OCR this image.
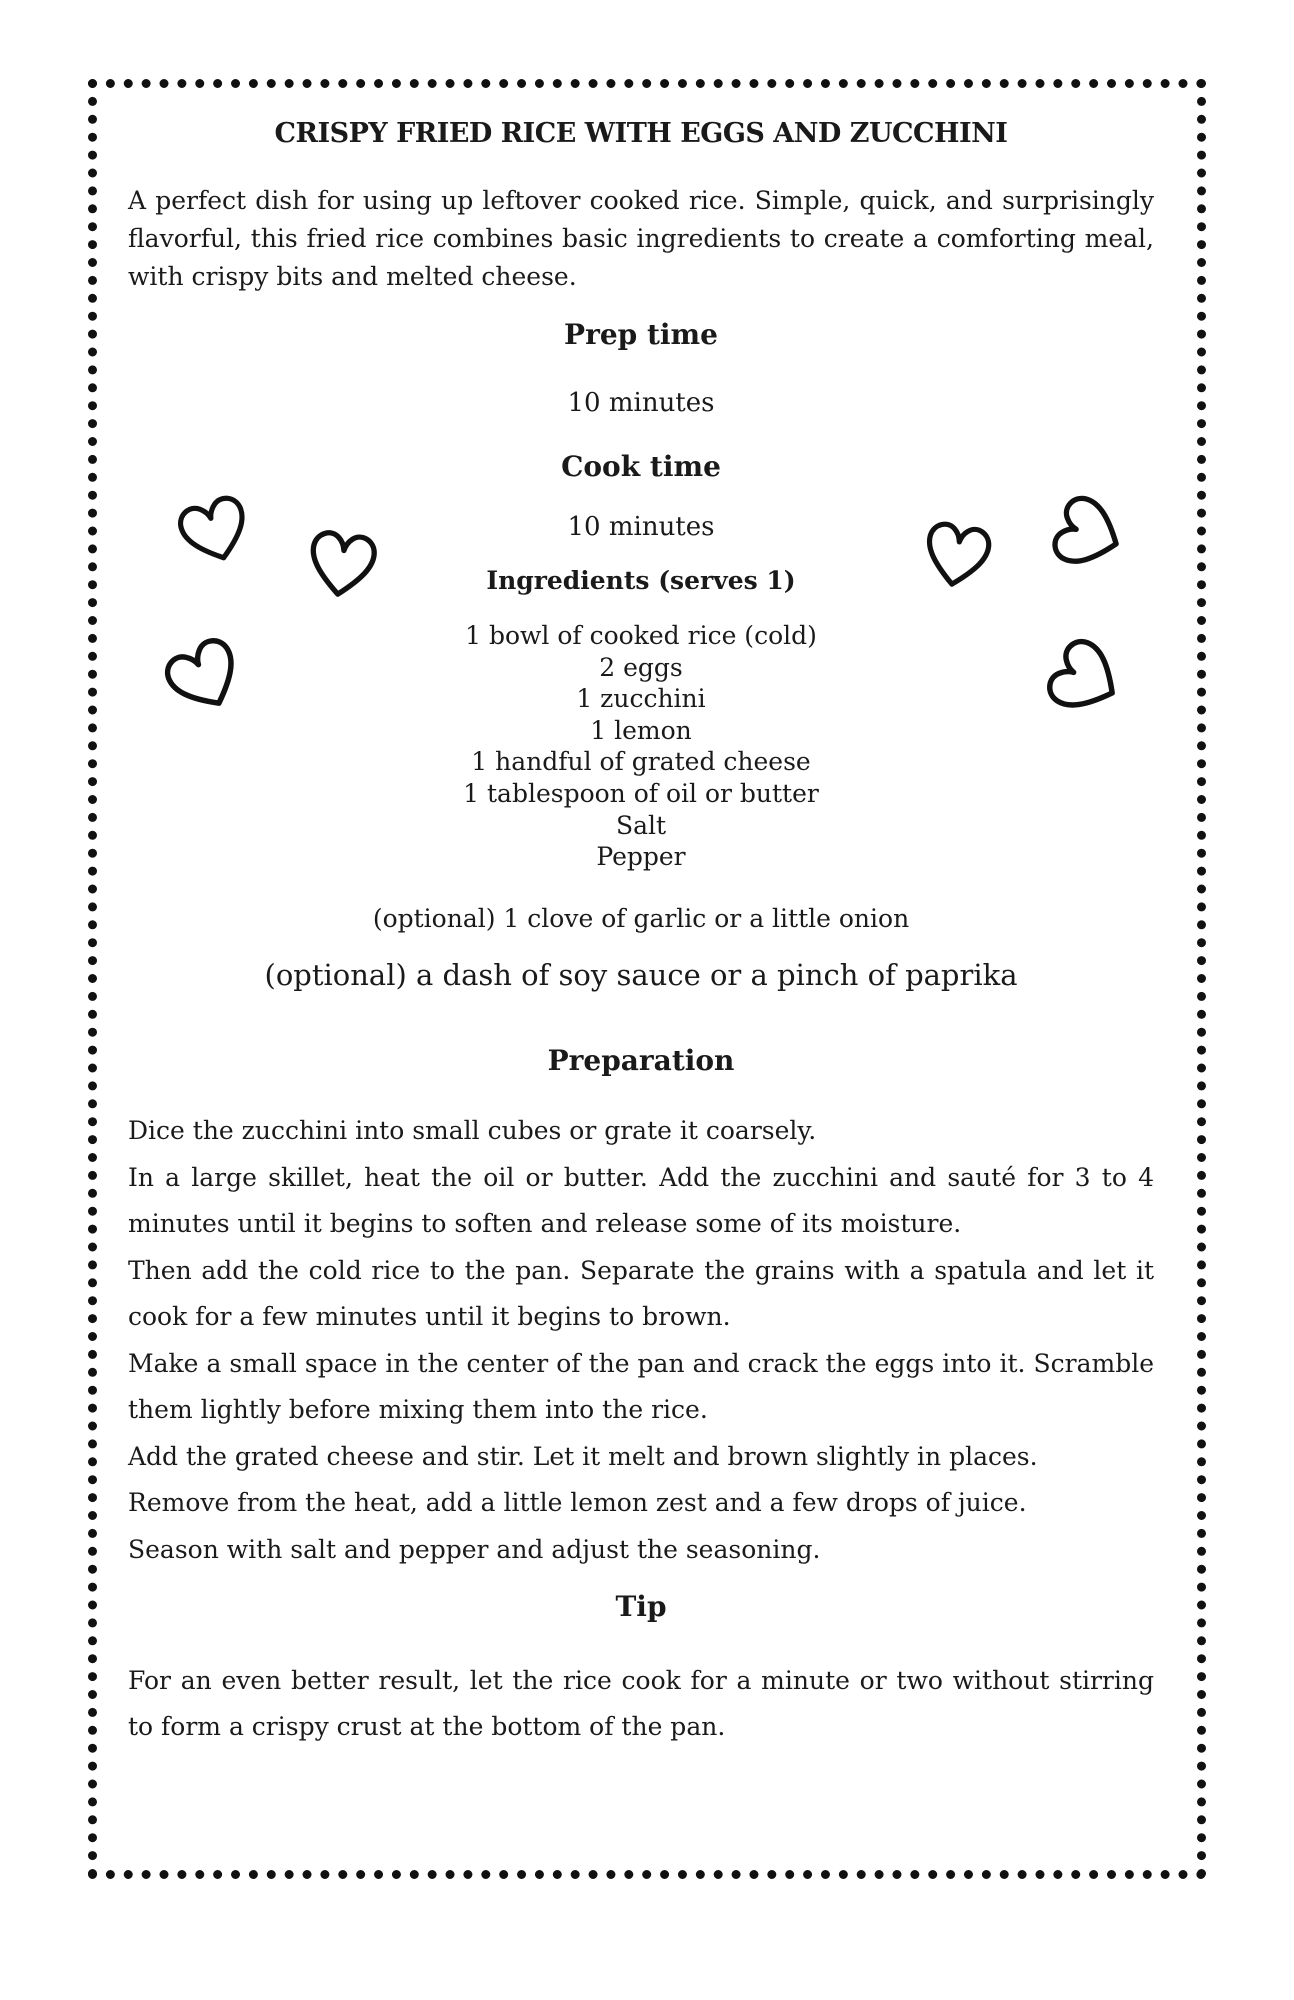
CRISPY FRIED RICE WITH EGGS AND ZUCCHINI
A perfect dish for using up leftover cooked rice. Simple, quick, and surprisingly flavorful, this fried rice combines basic ingredients to create a comforting meal, with crispy bits and melted cheese.
Prep time
10 minutes
Cook time
10 minutes
Ingredients (serves 1)
1 bowl of cooked rice (cold)
2 eggs
1 zucchini
1 lemon
1 handful of grated cheese
1 tablespoon of oil or butter
Salt
Pepper
(optional) 1 clove of garlic or a little onion
(optional) a dash of soy sauce or a pinch of paprika
Preparation
Dice the zucchini into small cubes or grate it coarsely.
In a large skillet, heat the oil or butter. Add the zucchini and sauté for 3 to 4 minutes until it begins to soften and release some of its moisture.
Then add the cold rice to the pan. Separate the grains with a spatula and let it cook for a few minutes until it begins to brown.
Make a small space in the center of the pan and crack the eggs into it. Scramble them lightly before mixing them into the rice.
Add the grated cheese and stir. Let it melt and brown slightly in places.
Remove from the heat, add a little lemon zest and a few drops of juice.
Season with salt and pepper and adjust the seasoning.
Tip
For an even better result, let the rice cook for a minute or two without stirring to form a crispy crust at the bottom of the pan.
